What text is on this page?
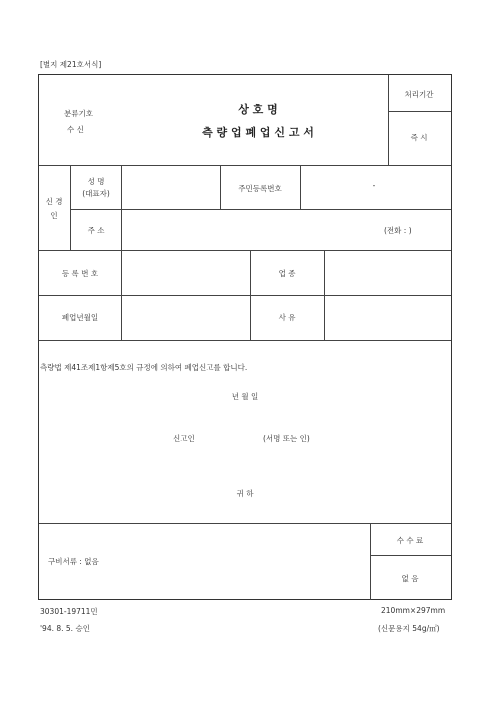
[별지 제21호서식]
분류기호
수 신
상 호 명
측 량 업 폐 업 신 고 서
처리기간
즉 시
신 경
인
성 명
(대표자)
주민등록번호	-
주 소	(전화 : )
등 록 번 호	업 종
폐업년월일	사 유
측량법 제41조제1항제5호의 규정에 의하여 폐업신고를 합니다.
년 월 일
신고인	(서명 또는 인)
귀 하
구비서류 : 없음
수 수 료
없 음
30301-19711민
'94. 8. 5. 승인
210mm×297mm
(신문용지 54g/㎡)
